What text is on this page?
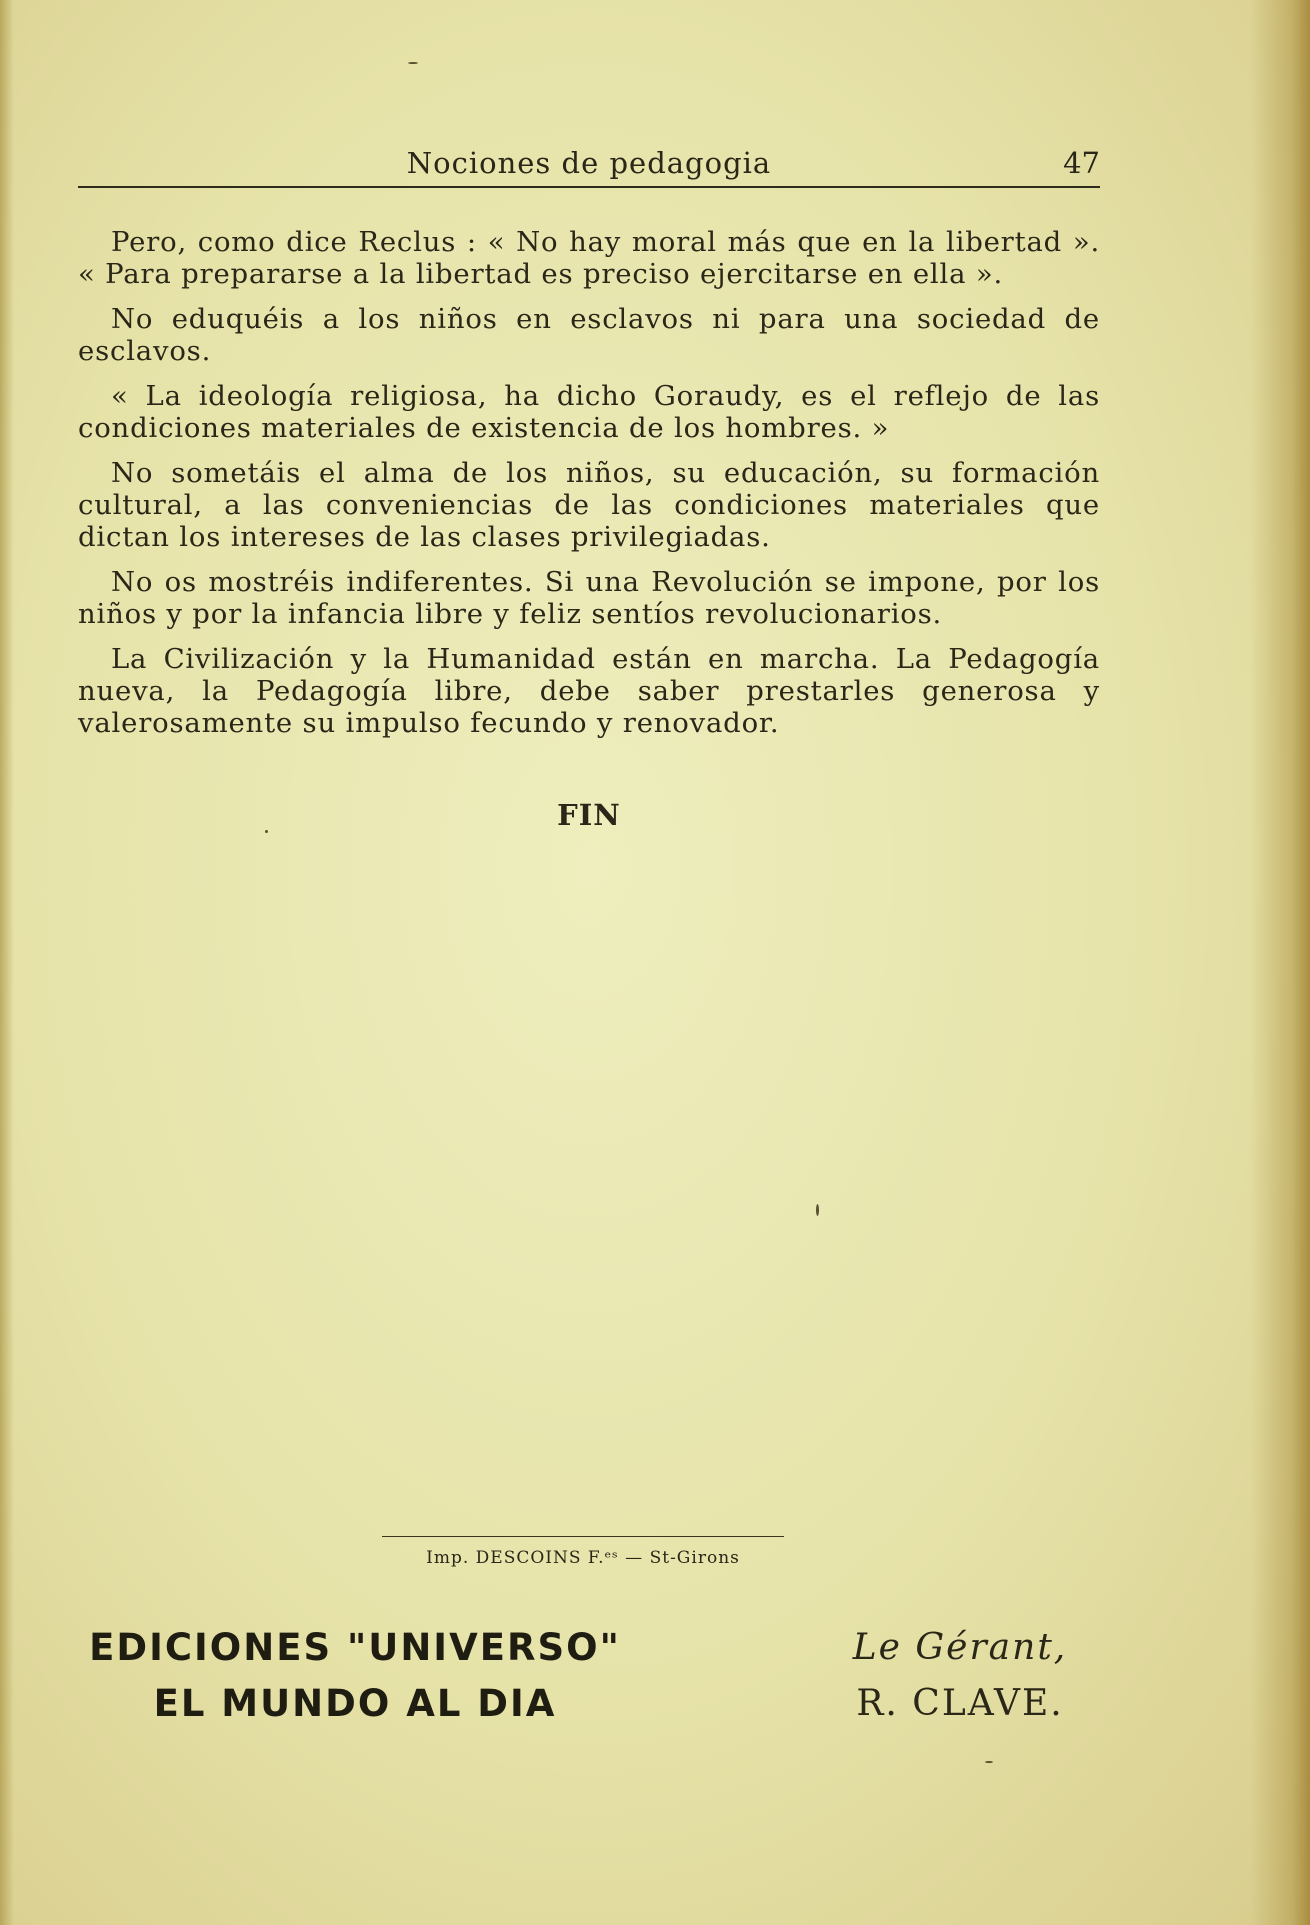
Nociones de pedagogia	47

Pero, como dice Reclus : « No hay moral más que en la libertad ». « Para prepararse a la libertad es preciso ejercitarse en ella ».

No eduquéis a los niños en esclavos ni para una sociedad de esclavos.

« La ideología religiosa, ha dicho Goraudy, es el reflejo de las condiciones materiales de existencia de los hombres. »

No sometáis el alma de los niños, su educación, su formación cultural, a las conveniencias de las condiciones materiales que dictan los intereses de las clases privilegiadas.

No os mostréis indiferentes. Si una Revolución se impone, por los niños y por la infancia libre y feliz sentíos revolucionarios.

La Civilización y la Humanidad están en marcha. La Pedagogía nueva, la Pedagogía libre, debe saber prestarles generosa y valerosamente su impulso fecundo y renovador.

FIN
Imp. DESCOINS F.ᵉˢ — St-Girons
EDICIONES "UNIVERSO"
EL MUNDO AL DIA
Le Gérant,
R. CLAVE.
